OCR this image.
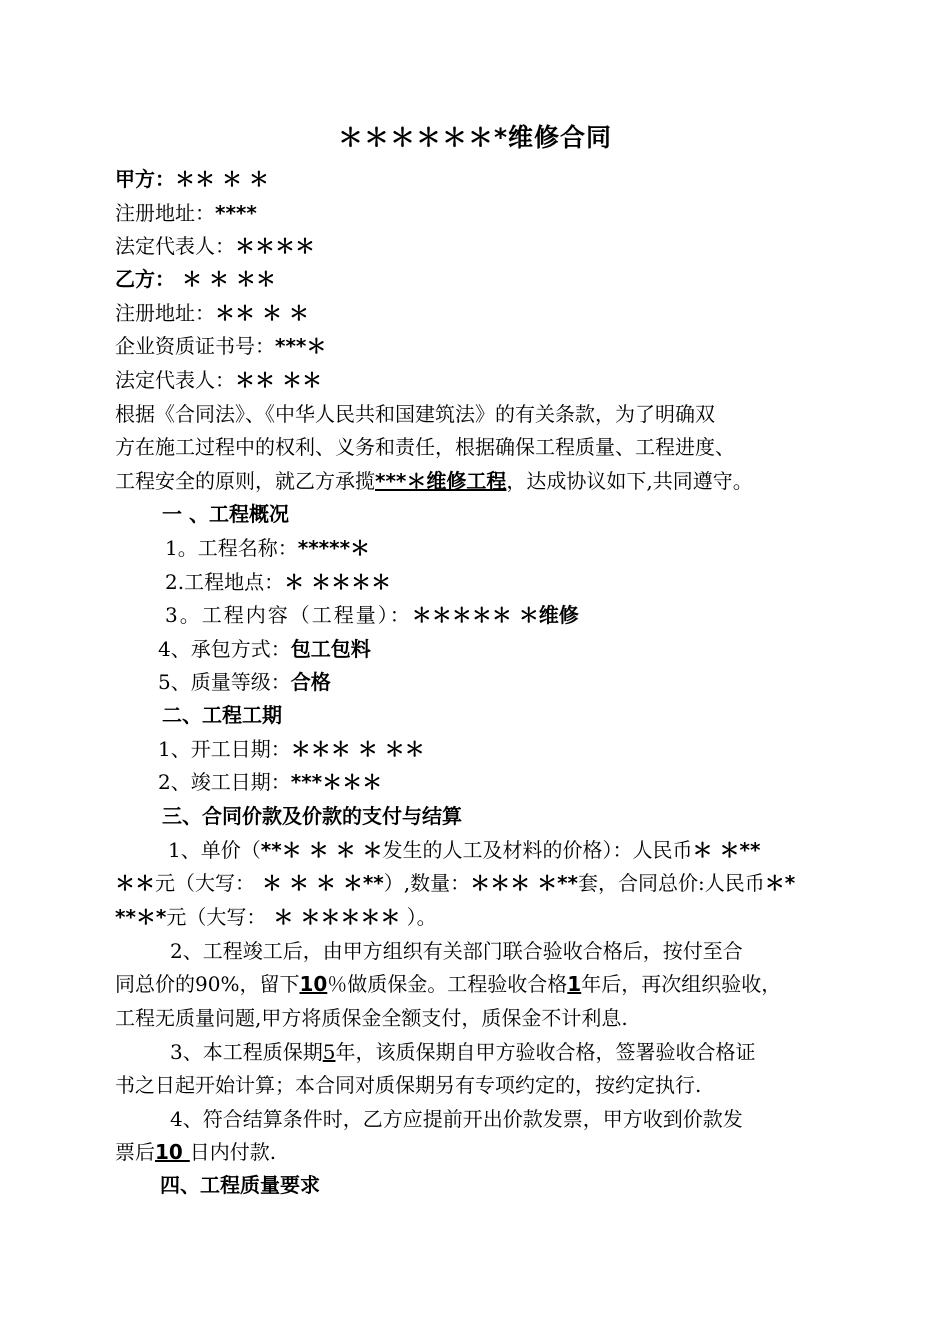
＊＊＊＊＊＊*维修合同
甲方：＊＊ ＊ ＊
注册地址：****
法定代表人：＊＊＊＊
乙方： ＊ ＊ ＊＊
注册地址：＊＊ ＊ ＊
企业资质证书号：***＊
法定代表人：＊＊ ＊＊
根据《合同法》、《中华人民共和国建筑法》的有关条款，为了明确双
方在施工过程中的权利、义务和责任，根据确保工程质量、工程进度、
工程安全的原则，就乙方承揽***＊维修工程，达成协议如下,共同遵守。
一 、工程概况
1。工程名称：*****＊
2.工程地点：＊ ＊＊＊＊
3。工程内容（工程量）：＊＊＊＊＊ ＊维修
4、承包方式：包工包料
5、质量等级：合格
二、工程工期
1、开工日期：＊＊＊ ＊ ＊＊
2、竣工日期：***＊＊＊
三、合同价款及价款的支付与结算
1、单价（**＊ ＊ ＊ ＊发生的人工及材料的价格）：人民币＊ ＊**
＊＊元（大写： ＊ ＊ ＊ ＊**）,数量：＊＊＊ ＊**套，合同总价:人民币＊*
**＊*元（大写： ＊ ＊＊＊＊＊ ）。
2、工程竣工后，由甲方组织有关部门联合验收合格后，按付至合
同总价的90%，留下10％做质保金。工程验收合格1年后，再次组织验收，
工程无质量问题,甲方将质保金全额支付，质保金不计利息.
3、本工程质保期5年，该质保期自甲方验收合格，签署验收合格证
书之日起开始计算；本合同对质保期另有专项约定的，按约定执行.
4、符合结算条件时，乙方应提前开出价款发票，甲方收到价款发
票后10 日内付款.
四、工程质量要求
